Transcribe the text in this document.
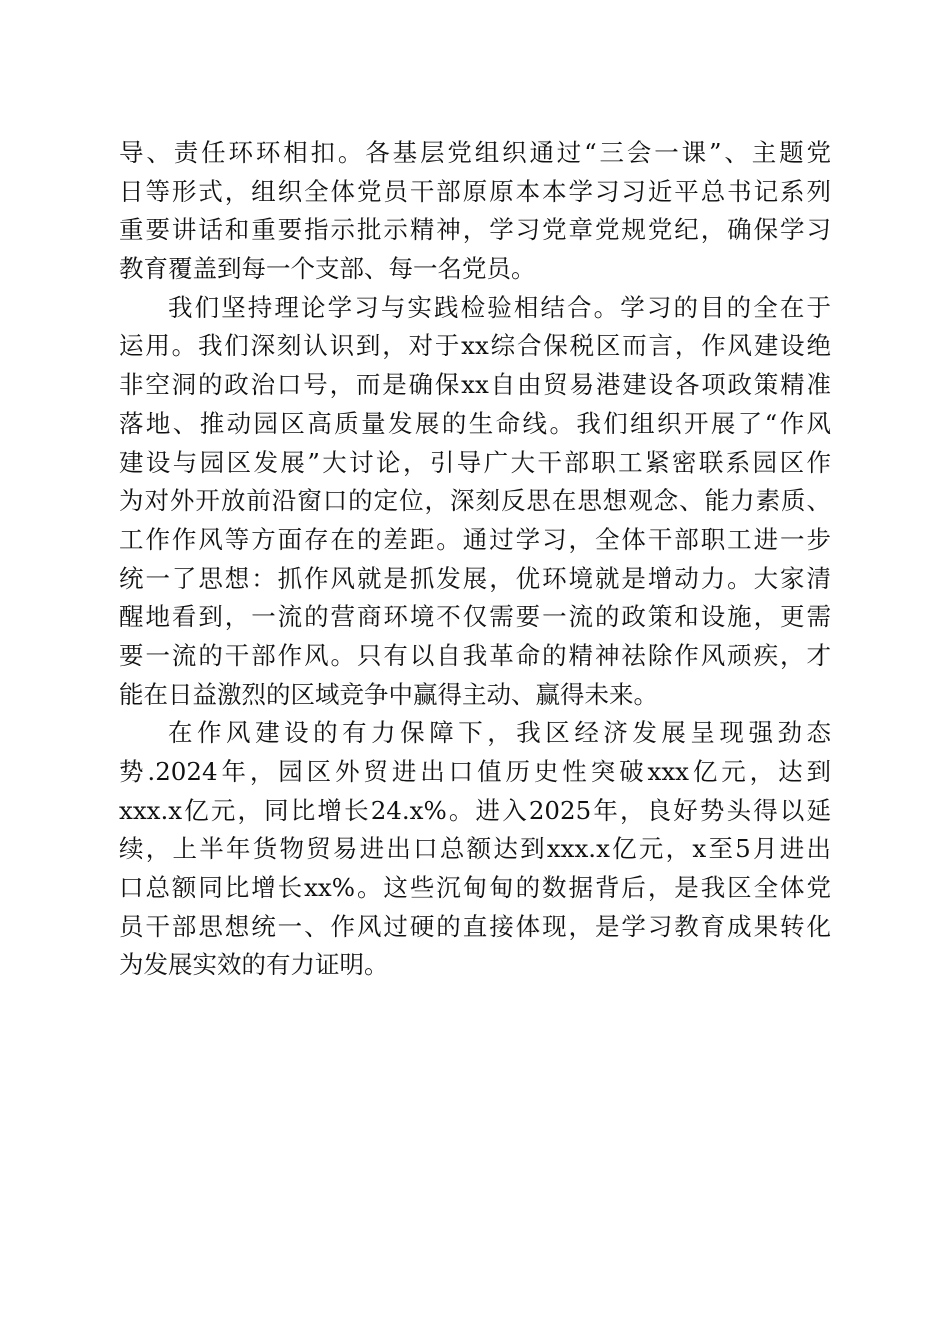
导、责任环环相扣。各基层党组织通过“三会一课”、主题党
日等形式，组织全体党员干部原原本本学习习近平总书记系列
重要讲话和重要指示批示精神，学习党章党规党纪，确保学习
教育覆盖到每一个支部、每一名党员。
我们坚持理论学习与实践检验相结合。学习的目的全在于
运用。我们深刻认识到，对于xx综合保税区而言，作风建设绝
非空洞的政治口号，而是确保xx自由贸易港建设各项政策精准
落地、推动园区高质量发展的生命线。我们组织开展了“作风
建设与园区发展”大讨论，引导广大干部职工紧密联系园区作
为对外开放前沿窗口的定位，深刻反思在思想观念、能力素质、
工作作风等方面存在的差距。通过学习，全体干部职工进一步
统一了思想：抓作风就是抓发展，优环境就是增动力。大家清
醒地看到，一流的营商环境不仅需要一流的政策和设施，更需
要一流的干部作风。只有以自我革命的精神祛除作风顽疾，才
能在日益激烈的区域竞争中赢得主动、赢得未来。
在作风建设的有力保障下，我区经济发展呈现强劲态
势.2024年，园区外贸进出口值历史性突破xxx亿元，达到
xxx.x亿元，同比增长24.x%。进入2025年，良好势头得以延
续，上半年货物贸易进出口总额达到xxx.x亿元，x至5月进出
口总额同比增长xx%。这些沉甸甸的数据背后，是我区全体党
员干部思想统一、作风过硬的直接体现，是学习教育成果转化
为发展实效的有力证明。
